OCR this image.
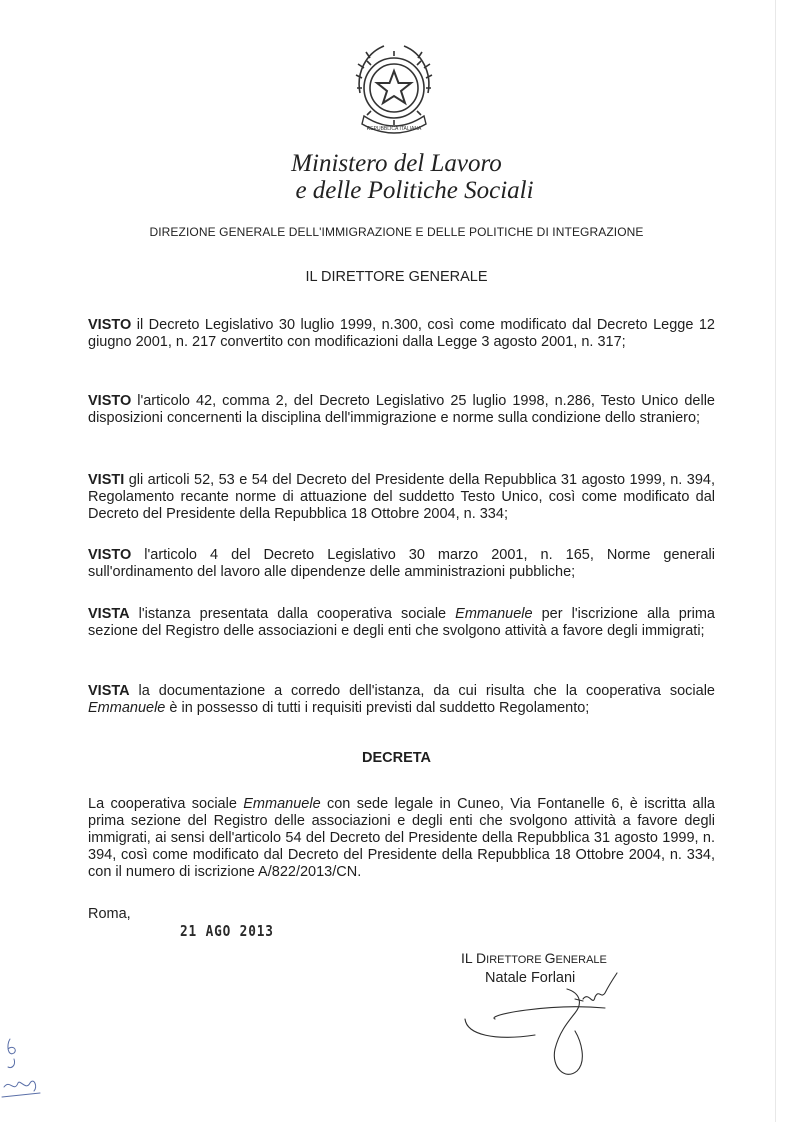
REPUBBLICA ITALIANA
Ministero del Lavoro
e delle Politiche Sociali
DIREZIONE GENERALE DELL'IMMIGRAZIONE E DELLE POLITICHE DI INTEGRAZIONE
IL DIRETTORE GENERALE

VISTO il Decreto Legislativo 30 luglio 1999, n.300, così come modificato dal Decreto Legge 12 giugno 2001, n. 217 convertito con modificazioni dalla Legge 3 agosto 2001, n. 317;

VISTO l'articolo 42, comma 2, del Decreto Legislativo 25 luglio 1998, n.286, Testo Unico delle disposizioni concernenti la disciplina dell'immigrazione e norme sulla condizione dello straniero;

VISTI gli articoli 52, 53 e 54 del Decreto del Presidente della Repubblica 31 agosto 1999, n. 394, Regolamento recante norme di attuazione del suddetto Testo Unico, così come modificato dal Decreto del Presidente della Repubblica 18 Ottobre 2004, n. 334;

VISTO l'articolo 4 del Decreto Legislativo 30 marzo 2001, n. 165, Norme generali sull'ordinamento del lavoro alle dipendenze delle amministrazioni pubbliche;

VISTA l'istanza presentata dalla cooperativa sociale Emmanuele per l'iscrizione alla prima sezione del Registro delle associazioni e degli enti che svolgono attività a favore degli immigrati;

VISTA la documentazione a corredo dell'istanza, da cui risulta che la cooperativa sociale Emmanuele è in possesso di tutti i requisiti previsti dal suddetto Regolamento;

DECRETA

La cooperativa sociale Emmanuele con sede legale in Cuneo, Via Fontanelle 6, è iscritta alla prima sezione del Registro delle associazioni e degli enti che svolgono attività a favore degli immigrati, ai sensi dell'articolo 54 del Decreto del Presidente della Repubblica 31 agosto 1999, n. 394, così come modificato dal Decreto del Presidente della Repubblica 18 Ottobre 2004, n. 334, con il numero di iscrizione A/822/2013/CN.

Roma,
21 AGO 2013
IL DIRETTORE GENERALE
Natale Forlani
